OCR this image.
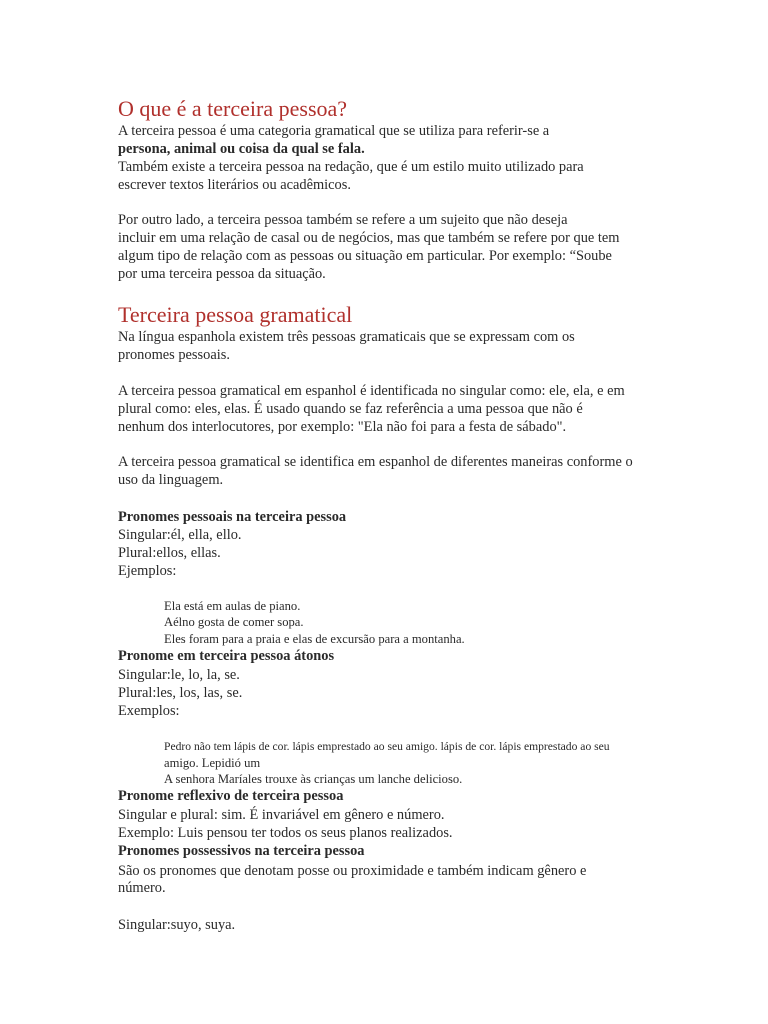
O que é a terceira pessoa?
A terceira pessoa é uma categoria gramatical que se utiliza para referir-se a
persona, animal ou coisa da qual se fala.
Também existe a terceira pessoa na redação, que é um estilo muito utilizado para
escrever textos literários ou acadêmicos.
Por outro lado, a terceira pessoa também se refere a um sujeito que não deseja
incluir em uma relação de casal ou de negócios, mas que também se refere por que tem
algum tipo de relação com as pessoas ou situação em particular. Por exemplo: “Soube
por uma terceira pessoa da situação.
Terceira pessoa gramatical
Na língua espanhola existem três pessoas gramaticais que se expressam com os
pronomes pessoais.
A terceira pessoa gramatical em espanhol é identificada no singular como: ele, ela, e em
plural como: eles, elas. É usado quando se faz referência a uma pessoa que não é
nenhum dos interlocutores, por exemplo: "Ela não foi para a festa de sábado".
A terceira pessoa gramatical se identifica em espanhol de diferentes maneiras conforme o
uso da linguagem.
Pronomes pessoais na terceira pessoa
Singular:él, ella, ello.
Plural:ellos, ellas.
Ejemplos:
Ela está em aulas de piano.
Aélno gosta de comer sopa.
Eles foram para a praia e elas de excursão para a montanha.
Pronome em terceira pessoa átonos
Singular:le, lo, la, se.
Plural:les, los, las, se.
Exemplos:
Pedro não tem lápis de cor. lápis emprestado ao seu amigo. lápis de cor. lápis emprestado ao seu
amigo. Lepidió um
A senhora Maríales trouxe às crianças um lanche delicioso.
Pronome reflexivo de terceira pessoa
Singular e plural: sim. É invariável em gênero e número.
Exemplo: Luis pensou ter todos os seus planos realizados.
Pronomes possessivos na terceira pessoa
São os pronomes que denotam posse ou proximidade e também indicam gênero e
número.
Singular:suyo, suya.
